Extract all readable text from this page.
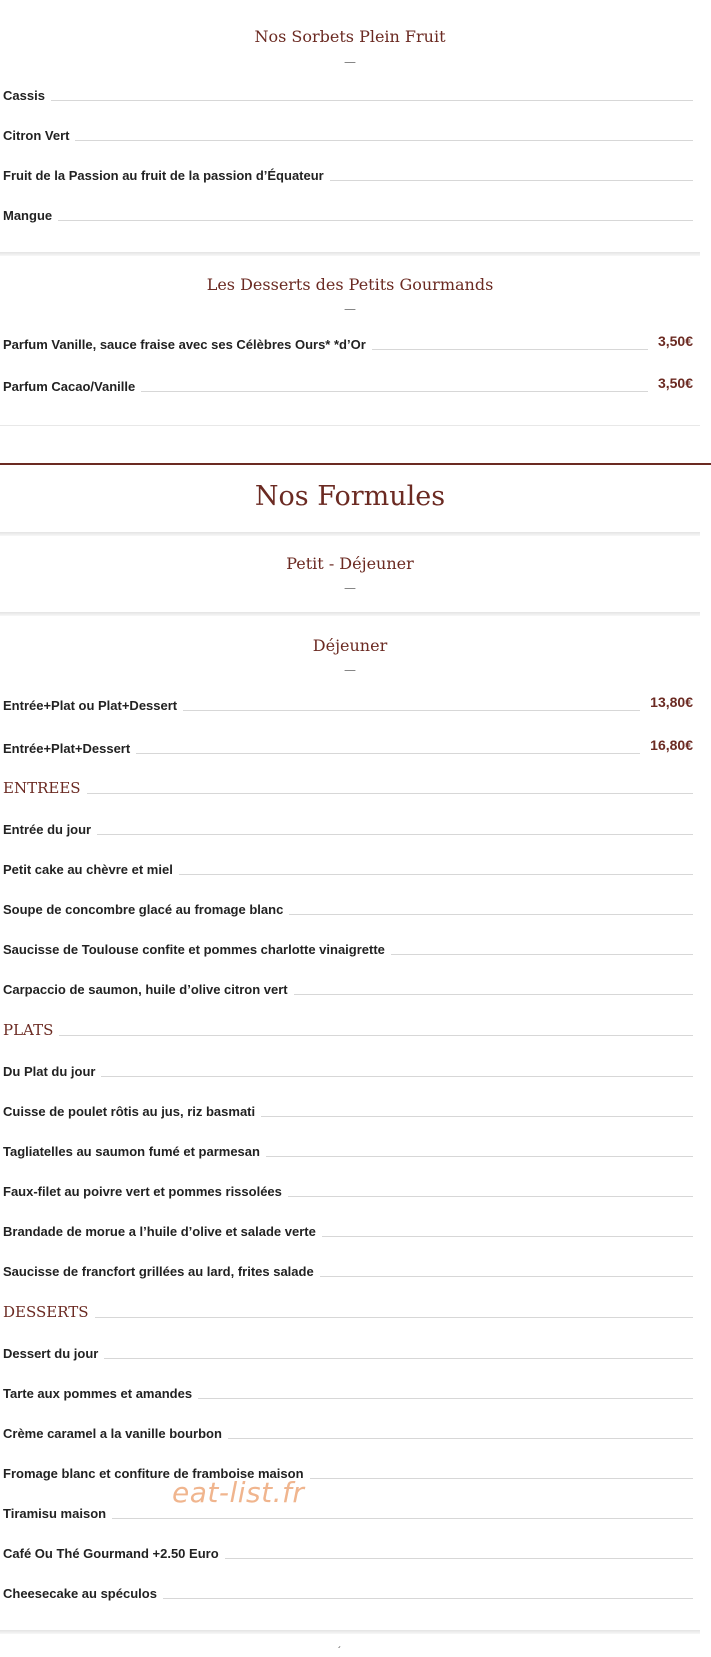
Nos Sorbets Plein Fruit
—
Cassis
Citron Vert
Fruit de la Passion au fruit de la passion d’Équateur
Mangue
Les Desserts des Petits Gourmands
—
Parfum Vanille, sauce fraise avec ses Célèbres Ours* *d’Or	3,50€
Parfum Cacao/Vanille	3,50€
Nos Formules
Petit - Déjeuner
—
Déjeuner
—
Entrée+Plat ou Plat+Dessert	13,80€
Entrée+Plat+Dessert	16,80€
ENTREES
Entrée du jour
Petit cake au chèvre et miel
Soupe de concombre glacé au fromage blanc
Saucisse de Toulouse confite et pommes charlotte vinaigrette
Carpaccio de saumon, huile d’olive citron vert
PLATS
Du Plat du jour
Cuisse de poulet rôtis au jus, riz basmati
Tagliatelles au saumon fumé et parmesan
Faux-filet au poivre vert et pommes rissolées
Brandade de morue a l’huile d’olive et salade verte
Saucisse de francfort grillées au lard, frites salade
DESSERTS
Dessert du jour
Tarte aux pommes et amandes
Crème caramel a la vanille bourbon
Fromage blanc et confiture de framboise maison
Tiramisu maison
Café Ou Thé Gourmand +2.50 Euro
Cheesecake au spéculos
eat-list.fr
´
